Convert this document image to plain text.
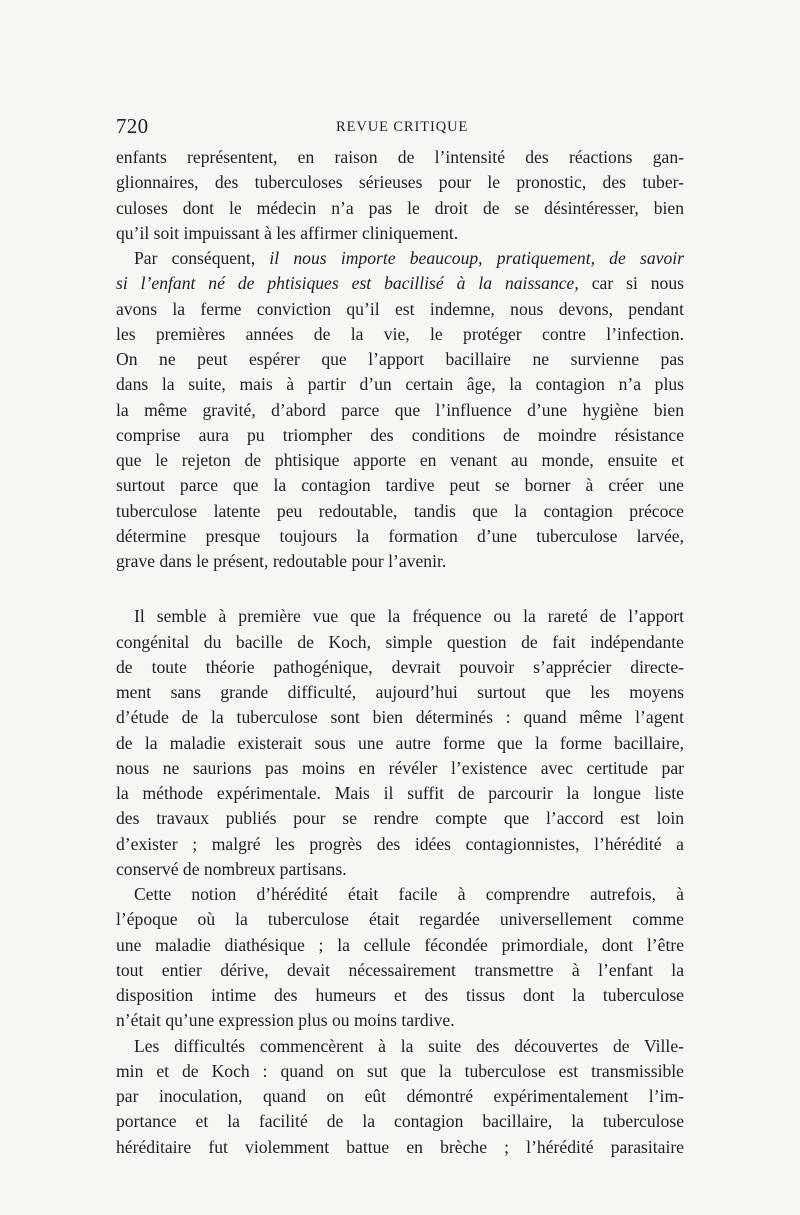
720	REVUE CRITIQUE
enfants représentent, en raison de l’intensité des réactions gan-
glionnaires, des tuberculoses sérieuses pour le pronostic, des tuber-
culoses dont le médecin n’a pas le droit de se désintéresser, bien
qu’il soit impuissant à les affirmer cliniquement.
Par conséquent, il nous importe beaucoup, pratiquement, de savoir
si l’enfant né de phtisiques est bacillisé à la naissance, car si nous
avons la ferme conviction qu’il est indemne, nous devons, pendant
les premières années de la vie, le protéger contre l’infection.
On ne peut espérer que l’apport bacillaire ne survienne pas
dans la suite, mais à partir d’un certain âge, la contagion n’a plus
la même gravité, d’abord parce que l’influence d’une hygiène bien
comprise aura pu triompher des conditions de moindre résistance
que le rejeton de phtisique apporte en venant au monde, ensuite et
surtout parce que la contagion tardive peut se borner à créer une
tuberculose latente peu redoutable, tandis que la contagion précoce
détermine presque toujours la formation d’une tuberculose larvée,
grave dans le présent, redoutable pour l’avenir.
Il semble à première vue que la fréquence ou la rareté de l’apport
congénital du bacille de Koch, simple question de fait indépendante
de toute théorie pathogénique, devrait pouvoir s’apprécier directe-
ment sans grande difficulté, aujourd’hui surtout que les moyens
d’étude de la tuberculose sont bien déterminés : quand même l’agent
de la maladie existerait sous une autre forme que la forme bacillaire,
nous ne saurions pas moins en révéler l’existence avec certitude par
la méthode expérimentale. Mais il suffit de parcourir la longue liste
des travaux publiés pour se rendre compte que l’accord est loin
d’exister ; malgré les progrès des idées contagionnistes, l’hérédité a
conservé de nombreux partisans.
Cette notion d’hérédité était facile à comprendre autrefois, à
l’époque où la tuberculose était regardée universellement comme
une maladie diathésique ; la cellule fécondée primordiale, dont l’être
tout entier dérive, devait nécessairement transmettre à l’enfant la
disposition intime des humeurs et des tissus dont la tuberculose
n’était qu’une expression plus ou moins tardive.
Les difficultés commencèrent à la suite des découvertes de Ville-
min et de Koch : quand on sut que la tuberculose est transmissible
par inoculation, quand on eût démontré expérimentalement l’im-
portance et la facilité de la contagion bacillaire, la tuberculose
héréditaire fut violemment battue en brèche ; l’hérédité parasitaire
